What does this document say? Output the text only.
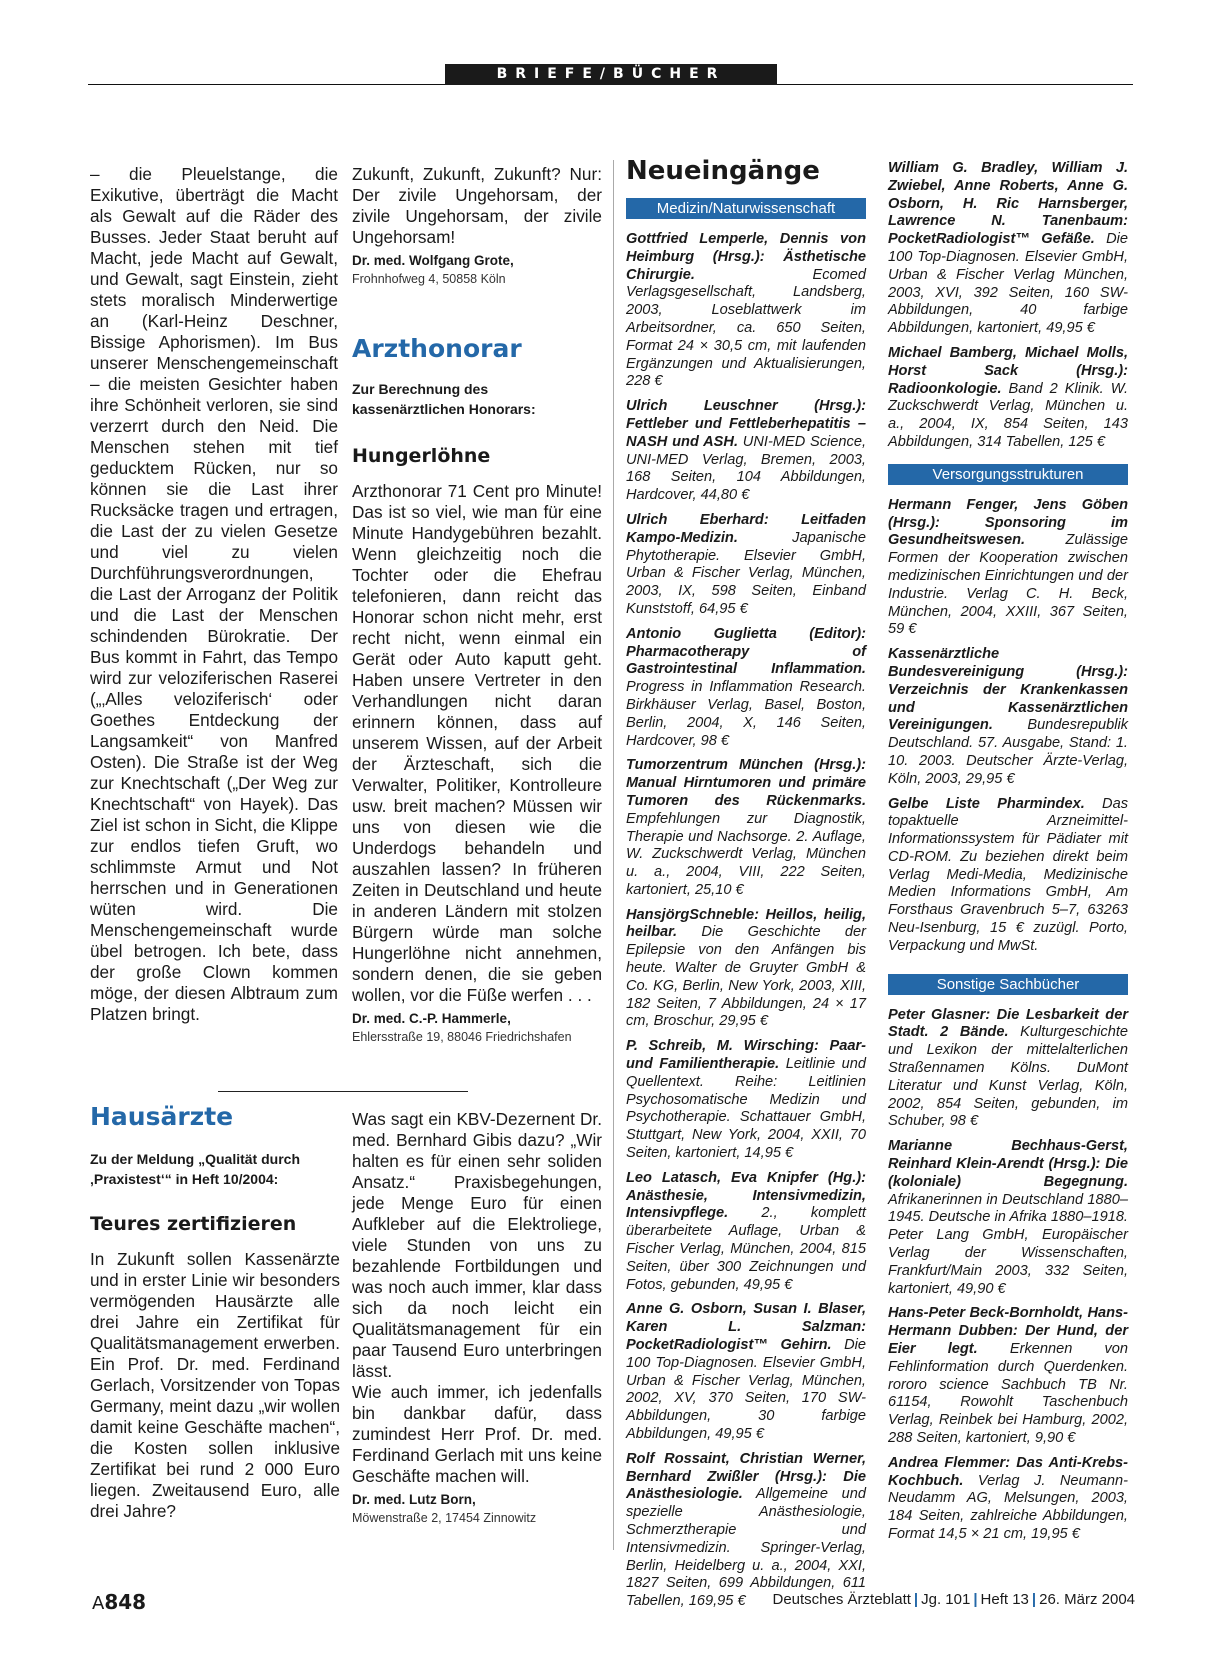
BRIEFE/BÜCHER

– die Pleuelstange, die Exikutive, überträgt die Macht als Gewalt auf die Räder des Busses. Jeder Staat beruht auf Macht, jede Macht auf Gewalt, und Gewalt, sagt Einstein, zieht stets moralisch Minderwertige an (Karl-Heinz Deschner, Bissige Aphorismen). Im Bus unserer Menschengemeinschaft – die meisten Gesichter haben ihre Schönheit verloren, sie sind verzerrt durch den Neid. Die Menschen stehen mit tief geducktem Rücken, nur so können sie die Last ihrer Rucksäcke tragen und ertragen, die Last der zu vielen Gesetze und viel zu vielen Durchführungsverordnungen, die Last der Arroganz der Politik und die Last der Menschen schindenden Bürokratie. Der Bus kommt in Fahrt, das Tempo wird zur veloziferischen Raserei („‚Alles veloziferisch‘ oder Goethes Entdeckung der Langsamkeit“ von Manfred Osten). Die Straße ist der Weg zur Knechtschaft („Der Weg zur Knechtschaft“ von Hayek). Das Ziel ist schon in Sicht, die Klippe zur endlos tiefen Gruft, wo schlimmste Armut und Not herrschen und in Generationen wüten wird. Die Menschengemeinschaft wurde übel betrogen. Ich bete, dass der große Clown kommen möge, der diesen Albtraum zum Platzen bringt.

Zukunft, Zukunft, Zukunft? Nur: Der zivile Ungehorsam, der zivile Ungehorsam, der zivile Ungehorsam!

Dr. med. Wolfgang Grote,
Frohnhofweg 4, 50858 Köln
Arzthonorar

Zur Berechnung des kassenärztlichen Honorars:

Hungerlöhne

Arzthonorar 71 Cent pro Minute! Das ist so viel, wie man für eine Minute Handygebühren bezahlt. Wenn gleichzeitig noch die Tochter oder die Ehefrau telefonieren, dann reicht das Honorar schon nicht mehr, erst recht nicht, wenn einmal ein Gerät oder Auto kaputt geht. Haben unsere Vertreter in den Verhandlungen nicht daran erinnern können, dass auf unserem Wissen, auf der Arbeit der Ärzteschaft, sich die Verwalter, Politiker, Kontrolleure usw. breit machen? Müssen wir uns von diesen wie die Underdogs behandeln und auszahlen lassen? In früheren Zeiten in Deutschland und heute in anderen Ländern mit stolzen Bürgern würde man solche Hungerlöhne nicht annehmen, sondern denen, die sie geben wollen, vor die Füße werfen . . .

Dr. med. C.-P. Hammerle,
Ehlersstraße 19, 88046 Friedrichshafen
Hausärzte

Zu der Meldung „Qualität durch ‚Praxistest‘“ in Heft 10/2004:

Teures zertifizieren

In Zukunft sollen Kassenärzte und in erster Linie wir besonders vermögenden Hausärzte alle drei Jahre ein Zertifikat für Qualitätsmanagement erwerben. Ein Prof. Dr. med. Ferdinand Gerlach, Vorsitzender von Topas Germany, meint dazu „wir wollen damit keine Geschäfte machen“, die Kosten sollen inklusive Zertifikat bei rund 2 000 Euro liegen. Zweitausend Euro, alle drei Jahre?

Was sagt ein KBV-Dezernent Dr. med. Bernhard Gibis dazu? „Wir halten es für einen sehr soliden Ansatz.“ Praxisbegehungen, jede Menge Euro für einen Aufkleber auf die Elektroliege, viele Stunden von uns zu bezahlende Fortbildungen und was noch auch immer, klar dass sich da noch leicht ein Qualitätsmanagement für ein paar Tausend Euro unterbringen lässt.

Wie auch immer, ich jedenfalls bin dankbar dafür, dass zumindest Herr Prof. Dr. med. Ferdinand Gerlach mit uns keine Geschäfte machen will.

Dr. med. Lutz Born,
Möwenstraße 2, 17454 Zinnowitz
Neueingänge
Medizin/Naturwissenschaft

Gottfried Lemperle, Dennis von Heimburg (Hrsg.): Ästhetische Chirurgie. Ecomed Verlagsgesellschaft, Landsberg, 2003, Loseblattwerk im Arbeitsordner, ca. 650 Seiten, Format 24 × 30,5 cm, mit laufenden Ergänzungen und Aktualisierungen, 228 €

Ulrich Leuschner (Hrsg.): Fettleber und Fettleberhepatitis – NASH und ASH. UNI-MED Science, UNI-MED Verlag, Bremen, 2003, 168 Seiten, 104 Abbildungen, Hardcover, 44,80 €

Ulrich Eberhard: Leitfaden Kampo-Medizin. Japanische Phytotherapie. Elsevier GmbH, Urban & Fischer Verlag, München, 2003, IX, 598 Seiten, Einband Kunststoff, 64,95 €

Antonio Guglietta (Editor): Pharmacotherapy of Gastrointestinal Inflammation. Progress in Inflammation Research. Birkhäuser Verlag, Basel, Boston, Berlin, 2004, X, 146 Seiten, Hardcover, 98 €

Tumorzentrum München (Hrsg.): Manual Hirntumoren und primäre Tumoren des Rückenmarks. Empfehlungen zur Diagnostik, Therapie und Nachsorge. 2. Auflage, W. Zuckschwerdt Verlag, München u. a., 2004, VIII, 222 Seiten, kartoniert, 25,10 €

HansjörgSchneble: Heillos, heilig, heilbar. Die Geschichte der Epilepsie von den Anfängen bis heute. Walter de Gruyter GmbH & Co. KG, Berlin, New York, 2003, XIII, 182 Seiten, 7 Abbildungen, 24 × 17 cm, Broschur, 29,95 €

P. Schreib, M. Wirsching: Paar- und Familientherapie. Leitlinie und Quellentext. Reihe: Leitlinien Psychosomatische Medizin und Psychotherapie. Schattauer GmbH, Stuttgart, New York, 2004, XXII, 70 Seiten, kartoniert, 14,95 €

Leo Latasch, Eva Knipfer (Hg.): Anästhesie, Intensivmedizin, Intensivpflege. 2., komplett überarbeitete Auflage, Urban & Fischer Verlag, München, 2004, 815 Seiten, über 300 Zeichnungen und Fotos, gebunden, 49,95 €

Anne G. Osborn, Susan I. Blaser, Karen L. Salzman: PocketRadiologist™ Gehirn. Die 100 Top-Diagnosen. Elsevier GmbH, Urban & Fischer Verlag, München, 2002, XV, 370 Seiten, 170 SW-Abbildungen, 30 farbige Abbildungen, 49,95 €

Rolf Rossaint, Christian Werner, Bernhard Zwißler (Hrsg.): Die Anästhesiologie. Allgemeine und spezielle Anästhesiologie, Schmerztherapie und Intensivmedizin. Springer-Verlag, Berlin, Heidelberg u. a., 2004, XXI, 1827 Seiten, 699 Abbildungen, 611 Tabellen, 169,95 €

William G. Bradley, William J. Zwiebel, Anne Roberts, Anne G. Osborn, H. Ric Harnsberger, Lawrence N. Tanenbaum: PocketRadiologist™ Gefäße. Die 100 Top-Diagnosen. Elsevier GmbH, Urban & Fischer Verlag München, 2003, XVI, 392 Seiten, 160 SW-Abbildungen, 40 farbige Abbildungen, kartoniert, 49,95 €

Michael Bamberg, Michael Molls, Horst Sack (Hrsg.): Radioonkologie. Band 2 Klinik. W. Zuckschwerdt Verlag, München u. a., 2004, IX, 854 Seiten, 143 Abbildungen, 314 Tabellen, 125 €

Versorgungsstrukturen

Hermann Fenger, Jens Göben (Hrsg.): Sponsoring im Gesundheitswesen. Zulässige Formen der Kooperation zwischen medizinischen Einrichtungen und der Industrie. Verlag C. H. Beck, München, 2004, XXIII, 367 Seiten, 59 €

Kassenärztliche Bundesvereinigung (Hrsg.): Verzeichnis der Krankenkassen und Kassenärztlichen Vereinigungen. Bundesrepublik Deutschland. 57. Ausgabe, Stand: 1. 10. 2003. Deutscher Ärzte-Verlag, Köln, 2003, 29,95 €

Gelbe Liste Pharmindex. Das topaktuelle Arzneimittel-Informationssystem für Pädiater mit CD-ROM. Zu beziehen direkt beim Verlag Medi-Media, Medizinische Medien Informations GmbH, Am Forsthaus Gravenbruch 5–7, 63263 Neu-Isenburg, 15 € zuzügl. Porto, Verpackung und MwSt.

Sonstige Sachbücher

Peter Glasner: Die Lesbarkeit der Stadt. 2 Bände. Kulturgeschichte und Lexikon der mittelalterlichen Straßennamen Kölns. DuMont Literatur und Kunst Verlag, Köln, 2002, 854 Seiten, gebunden, im Schuber, 98 €

Marianne Bechhaus-Gerst, Reinhard Klein-Arendt (Hrsg.): Die (koloniale) Begegnung. Afrikanerinnen in Deutschland 1880–1945. Deutsche in Afrika 1880–1918. Peter Lang GmbH, Europäischer Verlag der Wissenschaften, Frankfurt/Main 2003, 332 Seiten, kartoniert, 49,90 €

Hans-Peter Beck-Bornholdt, Hans-Hermann Dubben: Der Hund, der Eier legt. Erkennen von Fehlinformation durch Querdenken. rororo science Sachbuch TB Nr. 61154, Rowohlt Taschenbuch Verlag, Reinbek bei Hamburg, 2002, 288 Seiten, kartoniert, 9,90 €

Andrea Flemmer: Das Anti-Krebs-Kochbuch. Verlag J. Neumann-Neudamm AG, Melsungen, 2003, 184 Seiten, zahlreiche Abbildungen, Format 14,5 × 21 cm, 19,95 €

A848	Deutsches Ärzteblatt | Jg. 101 | Heft 13 | 26. März 2004
